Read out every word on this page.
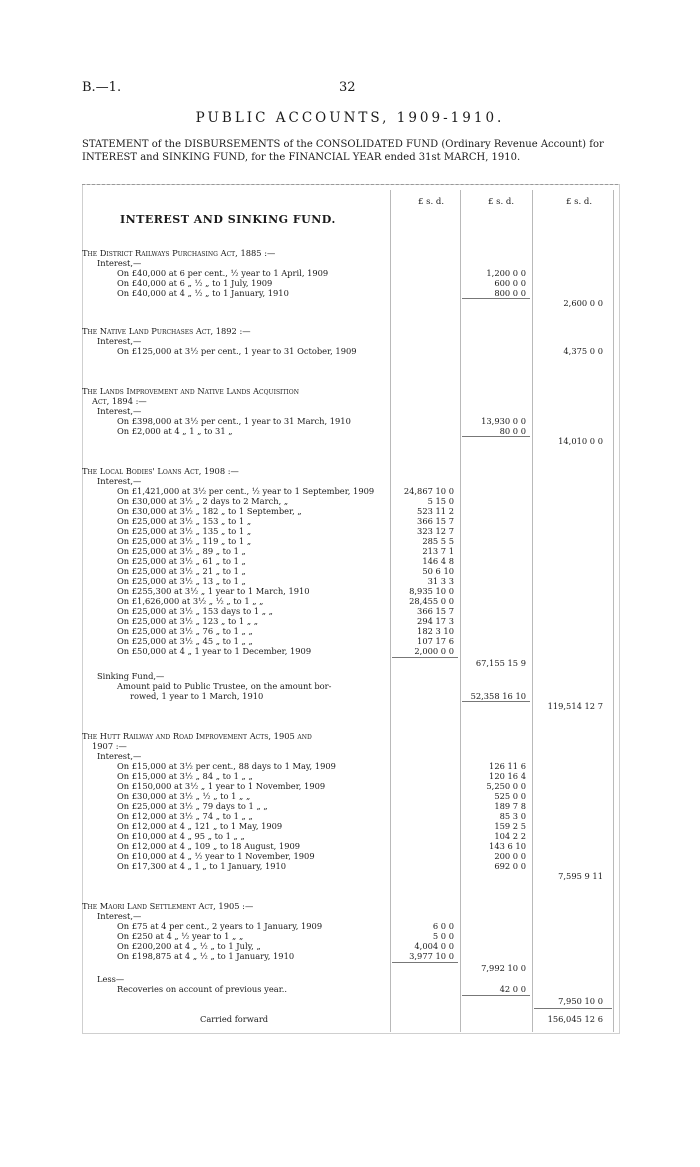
B.—1.	32
PUBLIC ACCOUNTS, 1909-1910.
STATEMENT of the DISBURSEMENTS of the CONSOLIDATED FUND (Ordinary Revenue Account) for INTEREST and SINKING FUND, for the FINANCIAL YEAR ended 31st MARCH, 1910.
£ s. d.	£ s. d.	£ s. d.
INTEREST AND SINKING FUND.
The District Railways Purchasing Act, 1885 :—
Interest,—
On £40,000 at 6 per cent., ½ year to 1 April, 1909	1,200 0 0
On £40,000 at 6 „ ½ „ to 1 July, 1909	600 0 0
On £40,000 at 4 „ ½ „ to 1 January, 1910	800 0 0
2,600 0 0
The Native Land Purchases Act, 1892 :—
Interest,—
On £125,000 at 3½ per cent., 1 year to 31 October, 1909	4,375 0 0
The Lands Improvement and Native Lands Acquisition
Act, 1894 :—
Interest,—
On £398,000 at 3½ per cent., 1 year to 31 March, 1910	13,930 0 0
On £2,000 at 4 „ 1 „ to 31 „	80 0 0
14,010 0 0
The Local Bodies' Loans Act, 1908 :—
Interest,—
On £1,421,000 at 3½ per cent., ½ year to 1 September, 1909	24,867 10 0
On £30,000 at 3½ „ 2 days to 2 March, „	5 15 0
On £30,000 at 3½ „ 182 „ to 1 September, „	523 11 2
On £25,000 at 3½ „ 153 „ to 1 „	366 15 7
On £25,000 at 3½ „ 135 „ to 1 „	323 12 7
On £25,000 at 3½ „ 119 „ to 1 „	285 5 5
On £25,000 at 3½ „ 89 „ to 1 „	213 7 1
On £25,000 at 3½ „ 61 „ to 1 „	146 4 8
On £25,000 at 3½ „ 21 „ to 1 „	50 6 10
On £25,000 at 3½ „ 13 „ to 1 „	31 3 3
On £255,300 at 3½ „ 1 year to 1 March, 1910	8,935 10 0
On £1,626,000 at 3½ „ ½ „ to 1 „ „	28,455 0 0
On £25,000 at 3½ „ 153 days to 1 „ „	366 15 7
On £25,000 at 3½ „ 123 „ to 1 „ „	294 17 3
On £25,000 at 3½ „ 76 „ to 1 „ „	182 3 10
On £25,000 at 3½ „ 45 „ to 1 „ „	107 17 6
On £50,000 at 4 „ 1 year to 1 December, 1909	2,000 0 0
67,155 15 9
Sinking Fund,—
Amount paid to Public Trustee, on the amount bor-
rowed, 1 year to 1 March, 1910	52,358 16 10
119,514 12 7
The Hutt Railway and Road Improvement Acts, 1905 and
1907 :—
Interest,—
On £15,000 at 3½ per cent., 88 days to 1 May, 1909	126 11 6
On £15,000 at 3½ „ 84 „ to 1 „ „	120 16 4
On £150,000 at 3½ „ 1 year to 1 November, 1909	5,250 0 0
On £30,000 at 3½ „ ½ „ to 1 „ „	525 0 0
On £25,000 at 3½ „ 79 days to 1 „ „	189 7 8
On £12,000 at 3½ „ 74 „ to 1 „ „	85 3 0
On £12,000 at 4 „ 121 „ to 1 May, 1909	159 2 5
On £10,000 at 4 „ 95 „ to 1 „ „	104 2 2
On £12,000 at 4 „ 109 „ to 18 August, 1909	143 6 10
On £10,000 at 4 „ ½ year to 1 November, 1909	200 0 0
On £17,300 at 4 „ 1 „ to 1 January, 1910	692 0 0
7,595 9 11
The Maori Land Settlement Act, 1905 :—
Interest,—
On £75 at 4 per cent., 2 years to 1 January, 1909	6 0 0
On £250 at 4 „ ½ year to 1 „ „	5 0 0
On £200,200 at 4 „ ½ „ to 1 July, „	4,004 0 0
On £198,875 at 4 „ ½ „ to 1 January, 1910	3,977 10 0
7,992 10 0
Less—
Recoveries on account of previous year..	42 0 0
7,950 10 0
Carried forward	156,045 12 6
